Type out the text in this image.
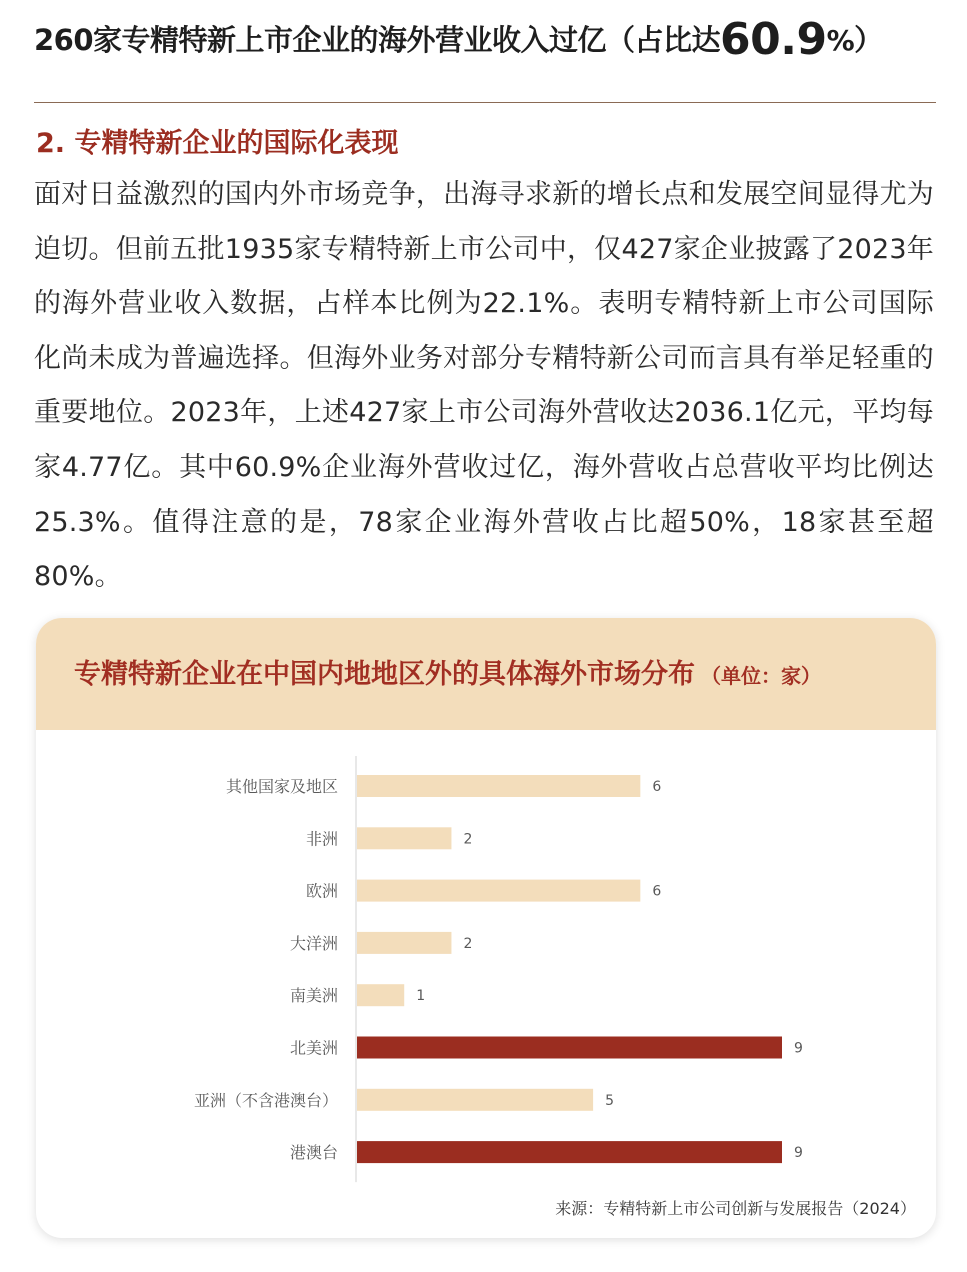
260家专精特新上市企业的海外营业收入过亿（占比达60.9%）
2. 专精特新企业的国际化表现
面对日益激烈的国内外市场竞争，出海寻求新的增长点和发展空间显得尤为迫切。但前五批1935家专精特新上市公司中，仅427家企业披露了2023年的海外营业收入数据，占样本比例为22.1%。表明专精特新上市公司国际化尚未成为普遍选择。但海外业务对部分专精特新公司而言具有举足轻重的重要地位。2023年，上述427家上市公司海外营收达2036.1亿元，平均每家4.77亿。其中60.9%企业海外营收过亿，海外营收占总营收平均比例达25.3%。值得注意的是，78家企业海外营收占比超50%，18家甚至超80%。
专精特新企业在中国内地地区外的具体海外市场分布 （单位：家）
其他国家及地区	6
非洲	2
欧洲	6
大洋洲	2
南美洲	1
北美洲	9
亚洲（不含港澳台）	5
港澳台	9
来源：专精特新上市公司创新与发展报告（2024）
